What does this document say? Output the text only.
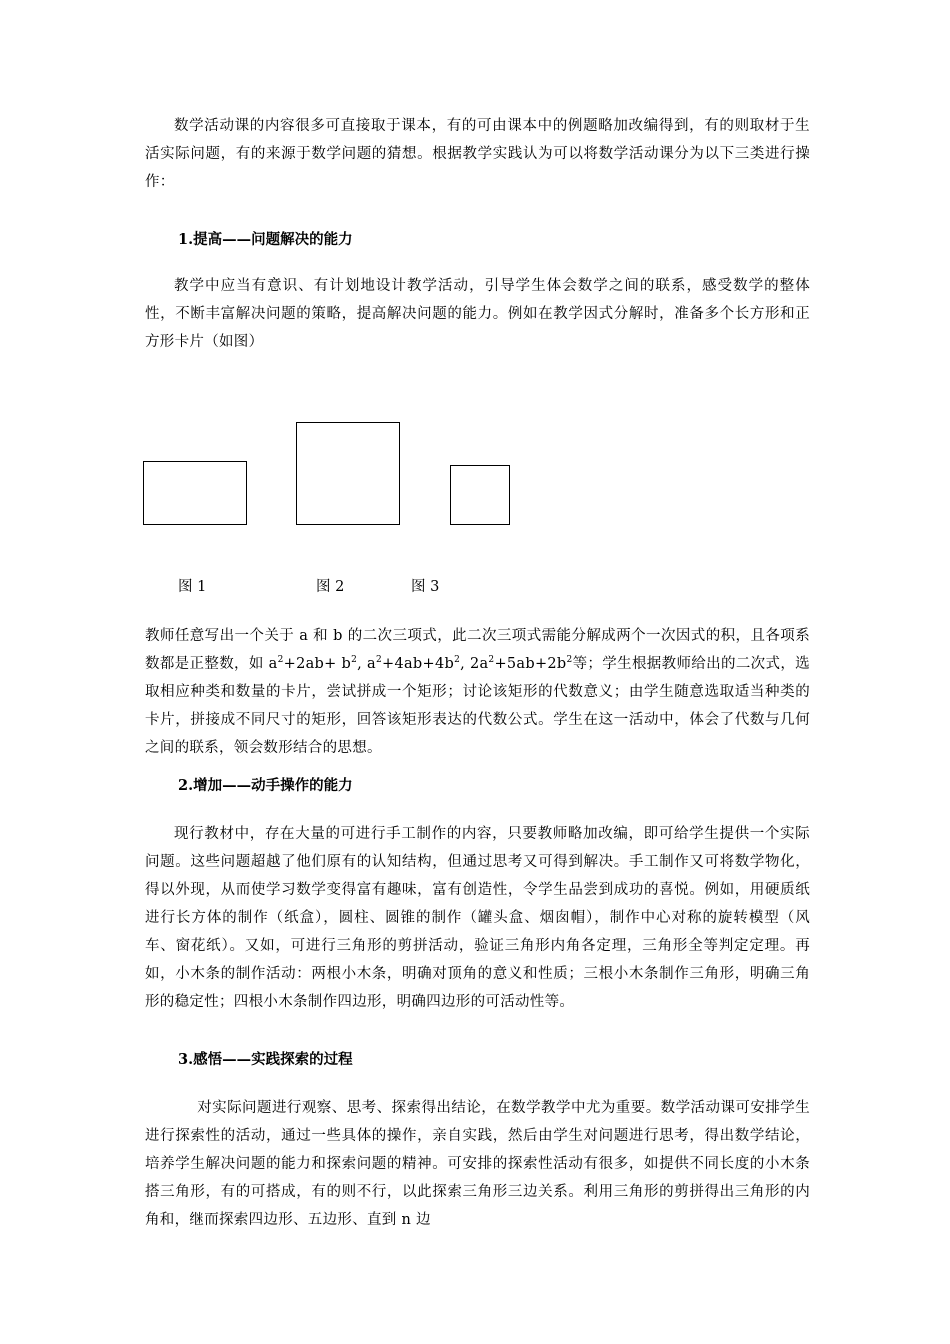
数学活动课的内容很多可直接取于课本，有的可由课本中的例题略加改编得到，有的则取材于生活实际问题，有的来源于数学问题的猜想。根据教学实践认为可以将数学活动课分为以下三类进行操作：

1.提高——问题解决的能力

教学中应当有意识、有计划地设计教学活动，引导学生体会数学之间的联系，感受数学的整体性，不断丰富解决问题的策略，提高解决问题的能力。例如在教学因式分解时，准备多个长方形和正方形卡片（如图）

图 1	图 2	图 3

教师任意写出一个关于 a 和 b 的二次三项式，此二次三项式需能分解成两个一次因式的积，且各项系数都是正整数，如 $a^2+2ab+ b^2$, $a^2+4ab+4b^2$, $2a^2+5ab+2b^2$等；学生根据教师给出的二次式，选取相应种类和数量的卡片，尝试拼成一个矩形；讨论该矩形的代数意义；由学生随意选取适当种类的卡片，拼接成不同尺寸的矩形，回答该矩形表达的代数公式。学生在这一活动中，体会了代数与几何之间的联系，领会数形结合的思想。

2.增加——动手操作的能力

现行教材中，存在大量的可进行手工制作的内容，只要教师略加改编，即可给学生提供一个实际问题。这些问题超越了他们原有的认知结构，但通过思考又可得到解决。手工制作又可将数学物化，得以外现，从而使学习数学变得富有趣味，富有创造性，令学生品尝到成功的喜悦。例如，用硬质纸进行长方体的制作（纸盒），圆柱、圆锥的制作（罐头盒、烟囱帽），制作中心对称的旋转模型（风车、窗花纸）。又如，可进行三角形的剪拼活动，验证三角形内角各定理，三角形全等判定定理。再如，小木条的制作活动：两根小木条，明确对顶角的意义和性质；三根小木条制作三角形，明确三角形的稳定性；四根小木条制作四边形，明确四边形的可活动性等。

3.感悟——实践探索的过程

对实际问题进行观察、思考、探索得出结论，在数学教学中尤为重要。数学活动课可安排学生进行探索性的活动，通过一些具体的操作，亲自实践，然后由学生对问题进行思考，得出数学结论，培养学生解决问题的能力和探索问题的精神。可安排的探索性活动有很多，如提供不同长度的小木条搭三角形，有的可搭成，有的则不行，以此探索三角形三边关系。利用三角形的剪拼得出三角形的内角和，继而探索四边形、五边形、直到 n 边
